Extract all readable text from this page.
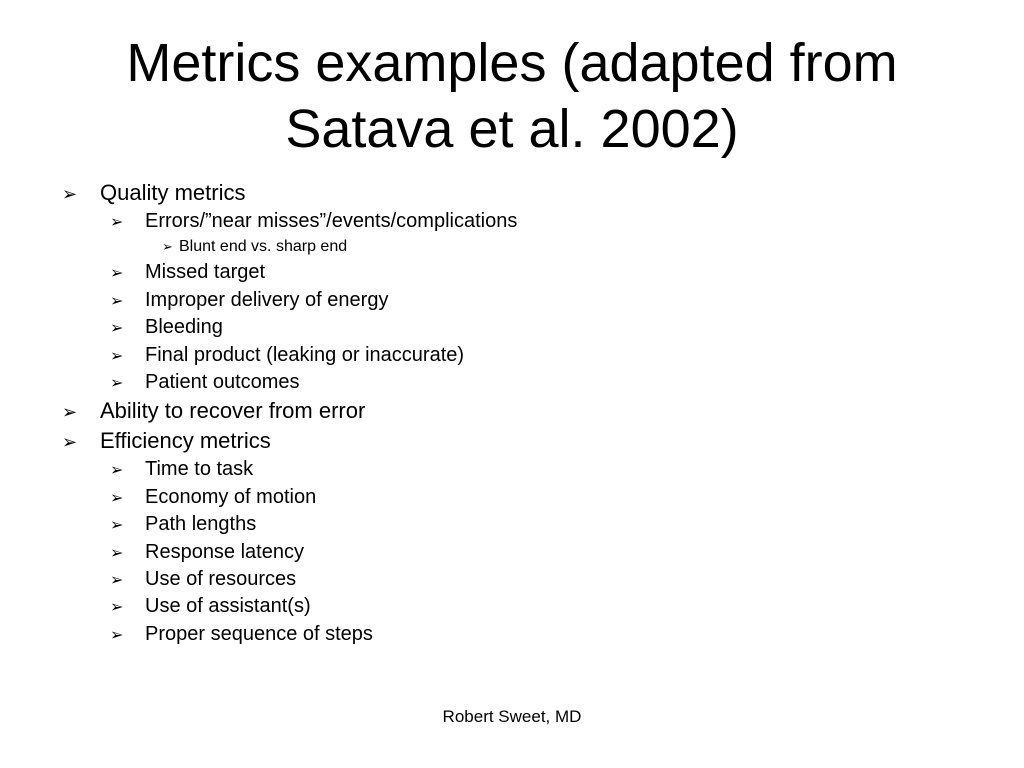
Metrics examples (adapted from
Satava et al. 2002)
➢	Quality metrics
➢	Errors/”near misses”/events/complications
➢ Blunt end vs. sharp end
➢	Missed target
➢	Improper delivery of energy
➢	Bleeding
➢	Final product (leaking or inaccurate)
➢	Patient outcomes
➢	Ability to recover from error
➢	Efficiency metrics
➢	Time to task
➢	Economy of motion
➢	Path lengths
➢	Response latency
➢	Use of resources
➢	Use of assistant(s)
➢	Proper sequence of steps
Robert Sweet, MD
